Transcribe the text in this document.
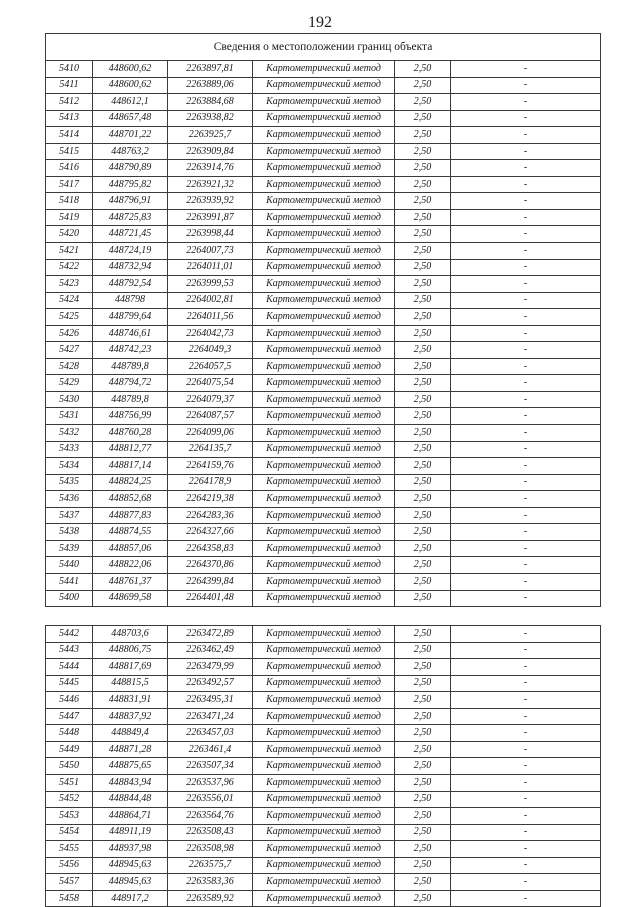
192
Сведения о местоположении границ объекта					
5410	448600,62	2263897,81	Картометрический метод	2,50	-
5411	448600,62	2263889,06	Картометрический метод	2,50	-
5412	448612,1	2263884,68	Картометрический метод	2,50	-
5413	448657,48	2263938,82	Картометрический метод	2,50	-
5414	448701,22	2263925,7	Картометрический метод	2,50	-
5415	448763,2	2263909,84	Картометрический метод	2,50	-
5416	448790,89	2263914,76	Картометрический метод	2,50	-
5417	448795,82	2263921,32	Картометрический метод	2,50	-
5418	448796,91	2263939,92	Картометрический метод	2,50	-
5419	448725,83	2263991,87	Картометрический метод	2,50	-
5420	448721,45	2263998,44	Картометрический метод	2,50	-
5421	448724,19	2264007,73	Картометрический метод	2,50	-
5422	448732,94	2264011,01	Картометрический метод	2,50	-
5423	448792,54	2263999,53	Картометрический метод	2,50	-
5424	448798	2264002,81	Картометрический метод	2,50	-
5425	448799,64	2264011,56	Картометрический метод	2,50	-
5426	448746,61	2264042,73	Картометрический метод	2,50	-
5427	448742,23	2264049,3	Картометрический метод	2,50	-
5428	448789,8	2264057,5	Картометрический метод	2,50	-
5429	448794,72	2264075,54	Картометрический метод	2,50	-
5430	448789,8	2264079,37	Картометрический метод	2,50	-
5431	448756,99	2264087,57	Картометрический метод	2,50	-
5432	448760,28	2264099,06	Картометрический метод	2,50	-
5433	448812,77	2264135,7	Картометрический метод	2,50	-
5434	448817,14	2264159,76	Картометрический метод	2,50	-
5435	448824,25	2264178,9	Картометрический метод	2,50	-
5436	448852,68	2264219,38	Картометрический метод	2,50	-
5437	448877,83	2264283,36	Картометрический метод	2,50	-
5438	448874,55	2264327,66	Картометрический метод	2,50	-
5439	448857,06	2264358,83	Картометрический метод	2,50	-
5440	448822,06	2264370,86	Картометрический метод	2,50	-
5441	448761,37	2264399,84	Картометрический метод	2,50	-
5400	448699,58	2264401,48	Картометрический метод	2,50	-

5442	448703,6	2263472,89	Картометрический метод	2,50	-
5443	448806,75	2263462,49	Картометрический метод	2,50	-
5444	448817,69	2263479,99	Картометрический метод	2,50	-
5445	448815,5	2263492,57	Картометрический метод	2,50	-
5446	448831,91	2263495,31	Картометрический метод	2,50	-
5447	448837,92	2263471,24	Картометрический метод	2,50	-
5448	448849,4	2263457,03	Картометрический метод	2,50	-
5449	448871,28	2263461,4	Картометрический метод	2,50	-
5450	448875,65	2263507,34	Картометрический метод	2,50	-
5451	448843,94	2263537,96	Картометрический метод	2,50	-
5452	448844,48	2263556,01	Картометрический метод	2,50	-
5453	448864,71	2263564,76	Картометрический метод	2,50	-
5454	448911,19	2263508,43	Картометрический метод	2,50	-
5455	448937,98	2263508,98	Картометрический метод	2,50	-
5456	448945,63	2263575,7	Картометрический метод	2,50	-
5457	448945,63	2263583,36	Картометрический метод	2,50	-
5458	448917,2	2263589,92	Картометрический метод	2,50	-
